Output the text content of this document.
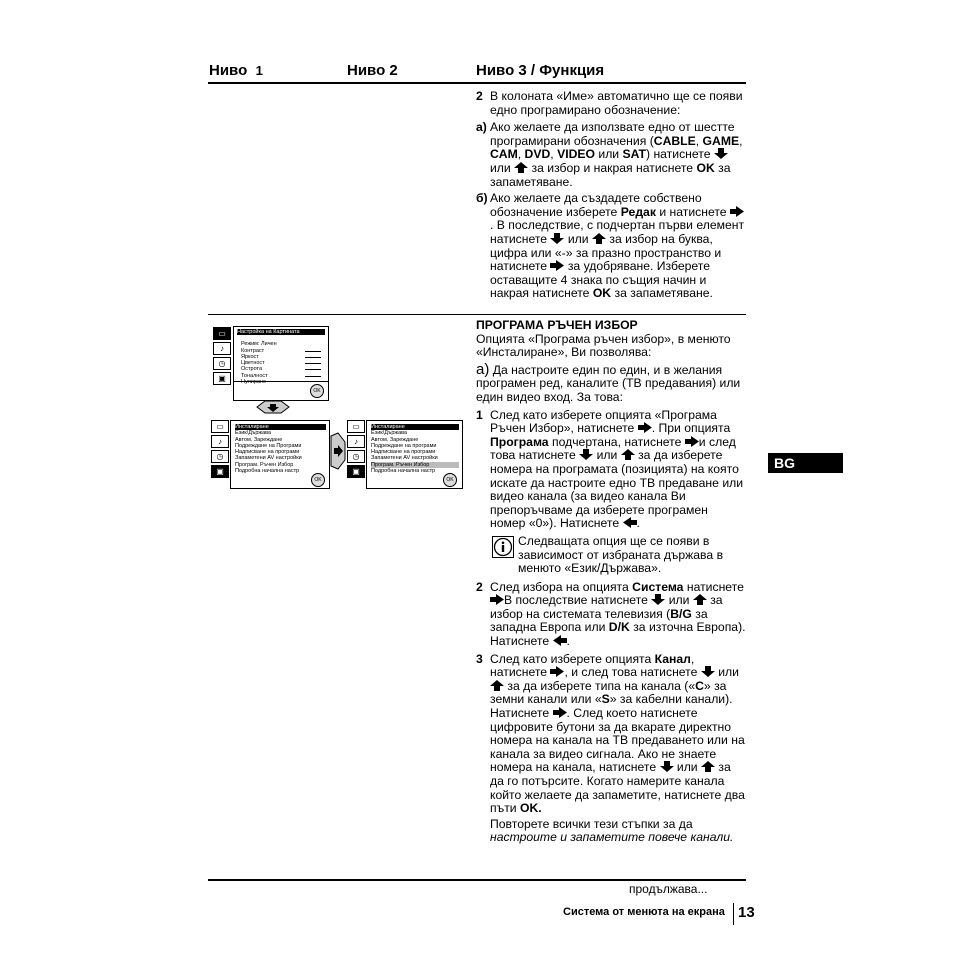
Ниво 1	Ниво 2	Ниво 3 / Функция
2 В колоната «Име» автоматично ще се появи едно програмирано обозначение:
а) Ако желаете да използвате едно от шестте програмирани обозначения (CABLE, GAME, CAM, DVD, VIDEO или SAT) натиснете  или за избор и накрая натиснете OK за запаметяване.
б) Ако желаете да създадете собствено обозначение изберете Редак и натиснете . В последствие, с подчертан първи елемент натиснете или за избор на буква, цифра или «-» за празно пространство и натиснете за удобряване. Изберете оставащите 4 знака по същия начин и накрая натиснете OK за запаметяване.
▭
♪
◷
▣
Настройка на Картината
Режим: Личен
Контраст
Яркост
Цветност
Острота
Тоналност
Нулиране
OK
▭
♪
◷
▣
Инсталиране
Език/Държава
Автом. Зареждане
Подреждане на Програми
Надписване на програми
Запаметени AV настройки
Програм. Ръчен Избор
Подробна начална настр
OK
▭
♪
◷
▣
Инсталиране
Език/Държава
Автом. Зареждане
Подреждане на програми
Надписване на програми
Запаметени AV настройки
Програм. Ръчен Избор
Подробна начална настр
OK
ПРОГРАМА РЪЧЕН ИЗБОР
Опцията «Програма ръчен избор», в менюто «Инсталиране», Ви позволява:
a) Да настроите един по един, и в желания програмен ред, каналите (ТВ предавания) или един видео вход. За това:
1 След като изберете опцията «Програма Ръчен Избор», натиснете . При опцията Програма подчертана, натиснете и след това натиснете или за да изберете номера на програмата (позицията) на която искате да настроите едно ТВ предаване или видео канала (за видео канала Ви препоръчваме да изберете програмен номер «0»). Натиснете .
Следващата опция ще се появи в зависимост от избраната държава в менюто «Език/Държава».
2 След избора на опцията Система натиснете В последствие натиснете или за избор на системата телевизия (B/G за западна Европа или D/K за източна Европа). Натиснете .
3 След като изберете опцията Канал, натиснете , и след това натиснете или  за да изберете типа на канала («C» за земни канали или «S» за кабелни канали). Натиснете . След което натиснете цифровите бутони за да вкарате директно номера на канала на ТВ предаването или на канала за видео сигнала. Ако не знаете номера на канала, натиснете или за да го потърсите. Когато намерите канала който желаете да запаметите, натиснете два пъти OK.
Повторете всички тези стъпки за да
настроите и запаметите повече канали.
BG
продължава...
Система от менюта на екрана 13
